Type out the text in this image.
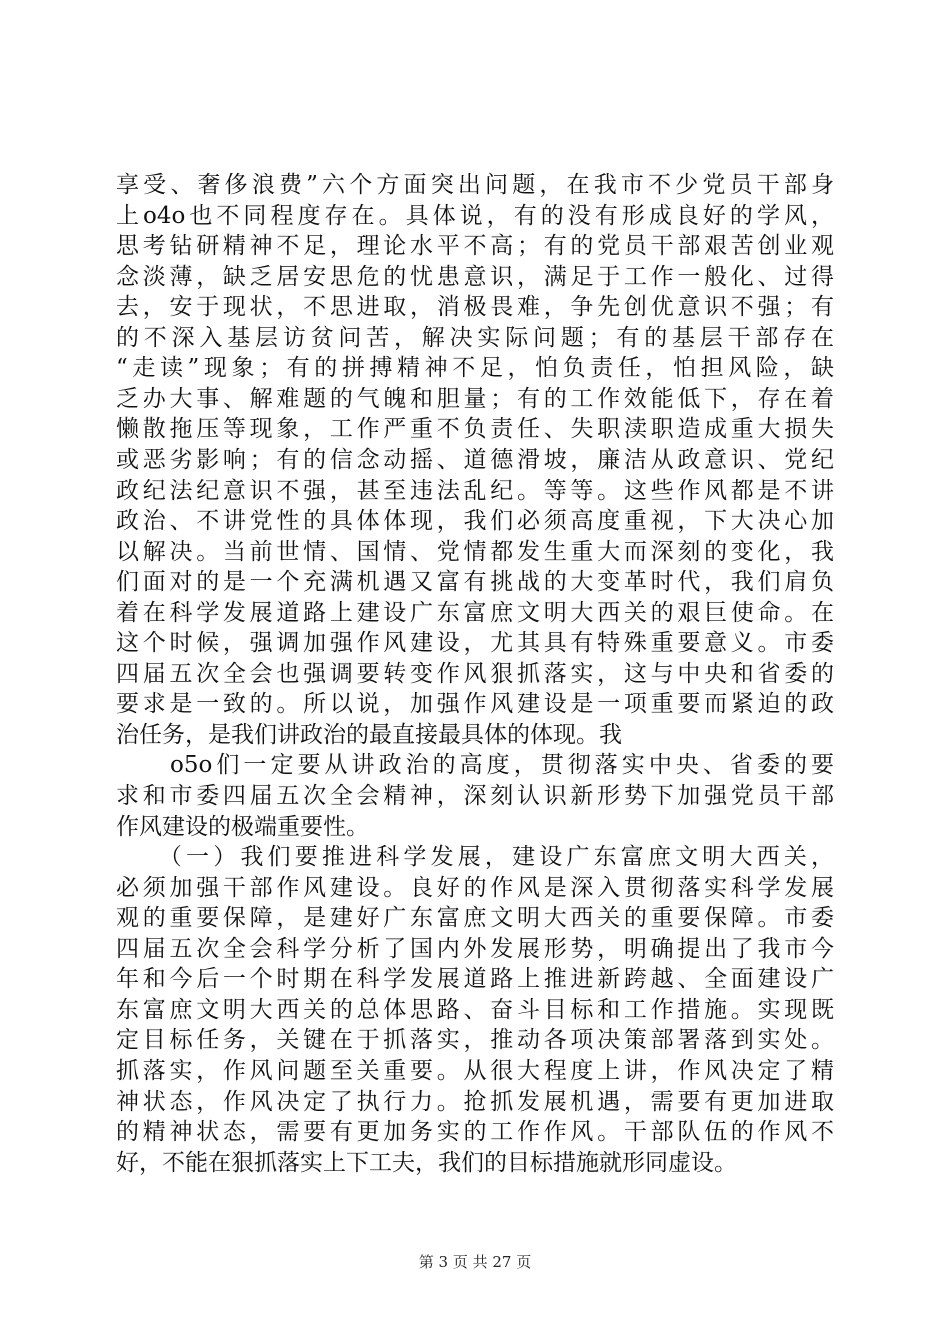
享受、奢侈浪费”六个方面突出问题，在我市不少党员干部身
上o4o也不同程度存在。具体说，有的没有形成良好的学风，
思考钻研精神不足，理论水平不高；有的党员干部艰苦创业观
念淡薄，缺乏居安思危的忧患意识，满足于工作一般化、过得
去，安于现状，不思进取，消极畏难，争先创优意识不强；有
的不深入基层访贫问苦，解决实际问题；有的基层干部存在
“走读”现象；有的拼搏精神不足，怕负责任，怕担风险，缺
乏办大事、解难题的气魄和胆量；有的工作效能低下，存在着
懒散拖压等现象，工作严重不负责任、失职渎职造成重大损失
或恶劣影响；有的信念动摇、道德滑坡，廉洁从政意识、党纪
政纪法纪意识不强，甚至违法乱纪。等等。这些作风都是不讲
政治、不讲党性的具体体现，我们必须高度重视，下大决心加
以解决。当前世情、国情、党情都发生重大而深刻的变化，我
们面对的是一个充满机遇又富有挑战的大变革时代，我们肩负
着在科学发展道路上建设广东富庶文明大西关的艰巨使命。在
这个时候，强调加强作风建设，尤其具有特殊重要意义。市委
四届五次全会也强调要转变作风狠抓落实，这与中央和省委的
要求是一致的。所以说，加强作风建设是一项重要而紧迫的政
治任务，是我们讲政治的最直接最具体的体现。我
　　o5o们一定要从讲政治的高度，贯彻落实中央、省委的要
求和市委四届五次全会精神，深刻认识新形势下加强党员干部
作风建设的极端重要性。
　　（一）我们要推进科学发展，建设广东富庶文明大西关，
必须加强干部作风建设。良好的作风是深入贯彻落实科学发展
观的重要保障，是建好广东富庶文明大西关的重要保障。市委
四届五次全会科学分析了国内外发展形势，明确提出了我市今
年和今后一个时期在科学发展道路上推进新跨越、全面建设广
东富庶文明大西关的总体思路、奋斗目标和工作措施。实现既
定目标任务，关键在于抓落实，推动各项决策部署落到实处。
抓落实，作风问题至关重要。从很大程度上讲，作风决定了精
神状态，作风决定了执行力。抢抓发展机遇，需要有更加进取
的精神状态，需要有更加务实的工作作风。干部队伍的作风不
好，不能在狠抓落实上下工夫，我们的目标措施就形同虚设。
第 3 页 共 27 页
